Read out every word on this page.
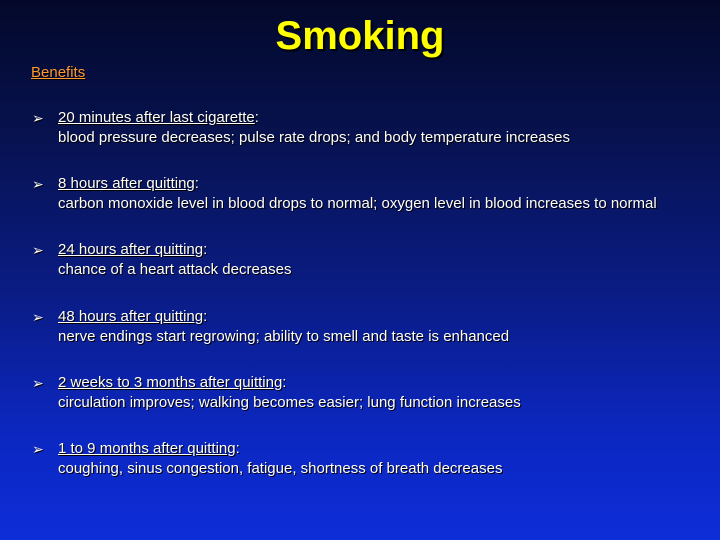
Smoking
Benefits
➢ 20 minutes after last cigarette:
blood pressure decreases; pulse rate drops; and body temperature increases
➢ 8 hours after quitting:
carbon monoxide level in blood drops to normal; oxygen level in blood increases to normal
➢ 24 hours after quitting:
chance of a heart attack decreases
➢ 48 hours after quitting:
nerve endings start regrowing; ability to smell and taste is enhanced
➢ 2 weeks to 3 months after quitting:
circulation improves; walking becomes easier; lung function increases
➢ 1 to 9 months after quitting:
coughing, sinus congestion, fatigue, shortness of breath decreases
